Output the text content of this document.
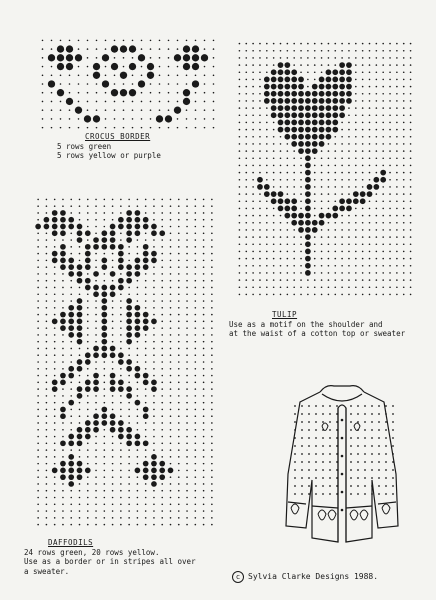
CROCUS BORDER
5 rows green
5 rows yellow or purple
TULIP
Use as a motif on the shoulder and
at the waist of a cotton top or sweater
DAFFODILS
24 rows green, 20 rows yellow.
Use as a border or in stripes all over
a sweater.
c Sylvia Clarke Designs 1988.
